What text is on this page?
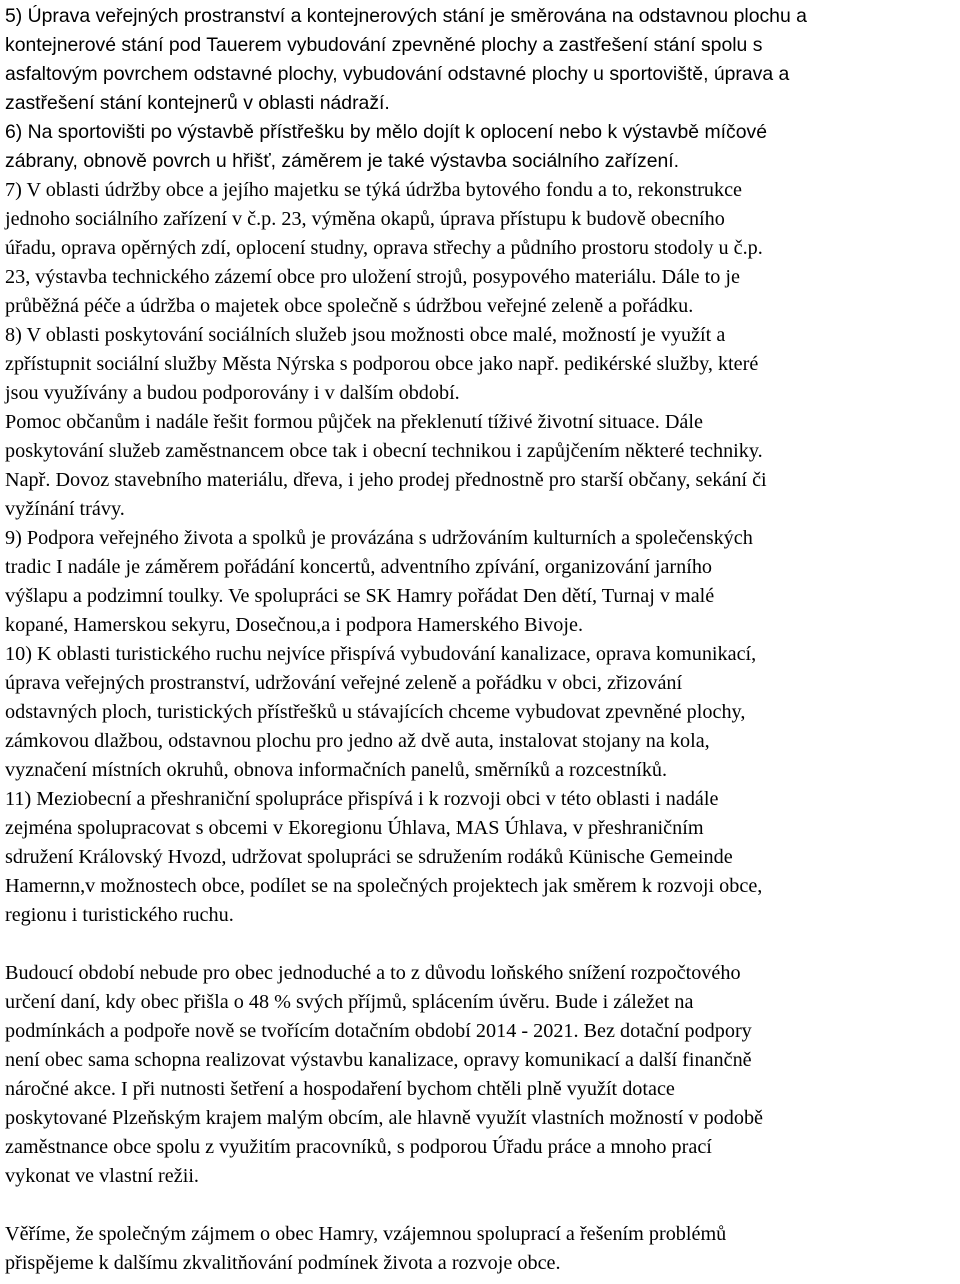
5) Úprava veřejných prostranství a kontejnerových stání je směrována na odstavnou plochu a
kontejnerové stání pod Tauerem vybudování zpevněné plochy a zastřešení stání spolu s
asfaltovým povrchem odstavné plochy, vybudování odstavné plochy u sportoviště, úprava a
zastřešení stání kontejnerů v oblasti nádraží.

6) Na sportovišti po výstavbě přístřešku by mělo dojít k oplocení nebo k výstavbě míčové
zábrany, obnově povrch u hřišť, záměrem je také výstavba sociálního zařízení.

7) V oblasti údržby obce a jejího majetku se týká údržba bytového fondu a to, rekonstrukce
jednoho sociálního zařízení v č.p. 23, výměna okapů, úprava přístupu k budově obecního
úřadu, oprava opěrných zdí, oplocení studny, oprava střechy a půdního prostoru stodoly u č.p.
23, výstavba technického zázemí obce pro uložení strojů, posypového materiálu. Dále to je
průběžná péče a údržba o majetek obce společně s údržbou veřejné zeleně a pořádku.

8) V oblasti poskytování sociálních služeb jsou možnosti obce malé, možností je využít a
zpřístupnit sociální služby Města Nýrska s podporou obce jako např. pedikérské služby, které
jsou využívány a budou podporovány i v dalším období.
Pomoc občanům i nadále řešit formou půjček na překlenutí tíživé životní situace. Dále
poskytování služeb zaměstnancem obce tak i obecní technikou i zapůjčením některé techniky.
Např. Dovoz stavebního materiálu, dřeva, i jeho prodej přednostně pro starší občany, sekání či
vyžínání trávy.

9) Podpora veřejného života a spolků je provázána s udržováním kulturních a společenských
tradic I nadále je záměrem pořádání koncertů, adventního zpívání, organizování jarního
výšlapu a podzimní toulky. Ve spolupráci se SK Hamry pořádat Den dětí, Turnaj v malé
kopané, Hamerskou sekyru, Dosečnou,a i podpora Hamerského Bivoje.

10) K oblasti turistického ruchu nejvíce přispívá vybudování kanalizace, oprava komunikací,
úprava veřejných prostranství, udržování veřejné zeleně a pořádku v obci, zřizování
odstavných ploch, turistických přístřešků u stávajících chceme vybudovat zpevněné plochy,
zámkovou dlažbou, odstavnou plochu pro jedno až dvě auta, instalovat stojany na kola,
vyznačení místních okruhů, obnova informačních panelů, směrníků a rozcestníků.

11) Meziobecní a přeshraniční spolupráce přispívá i k rozvoji obci v této oblasti i nadále
zejména spolupracovat s obcemi v Ekoregionu Úhlava, MAS Úhlava, v přeshraničním
sdružení Královský Hvozd, udržovat spolupráci se sdružením rodáků Künische Gemeinde
Hamernn,v možnostech obce, podílet se na společných projektech jak směrem k rozvoji obce,
regionu i turistického ruchu.

Budoucí období nebude pro obec jednoduché a to z důvodu loňského snížení rozpočtového
určení daní, kdy obec přišla o 48 % svých příjmů, splácením úvěru. Bude i záležet na
podmínkách a podpoře nově se tvořícím dotačním období 2014 - 2021. Bez dotační podpory
není obec sama schopna realizovat výstavbu kanalizace, opravy komunikací a další finančně
náročné akce. I při nutnosti šetření a hospodaření bychom chtěli plně využít dotace
poskytované Plzeňským krajem malým obcím, ale hlavně využít vlastních možností v podobě
zaměstnance obce spolu z využitím pracovníků, s podporou Úřadu práce a mnoho prací
vykonat ve vlastní režii.

Věříme, že společným zájmem o obec Hamry, vzájemnou spoluprací a řešením problémů
přispějeme k dalšímu zkvalitňování podmínek života a rozvoje obce.
